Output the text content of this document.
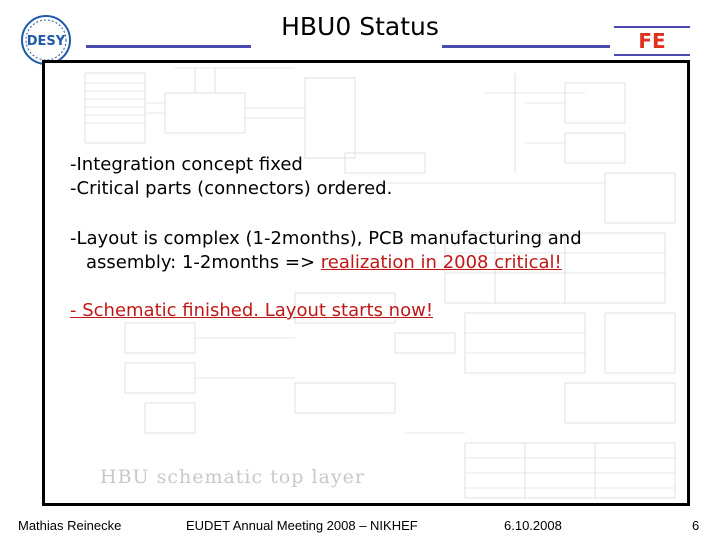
DESY
HBU0 Status	FE
-Integration concept fixed
-Critical parts (connectors) ordered.
-Layout is complex (1-2months), PCB manufacturing and
assembly: 1-2months => realization in 2008 critical!
- Schematic finished. Layout starts now!
HBU schematic top layer
Mathias Reinecke	EUDET Annual Meeting 2008 – NIKHEF	6.10.2008	6
